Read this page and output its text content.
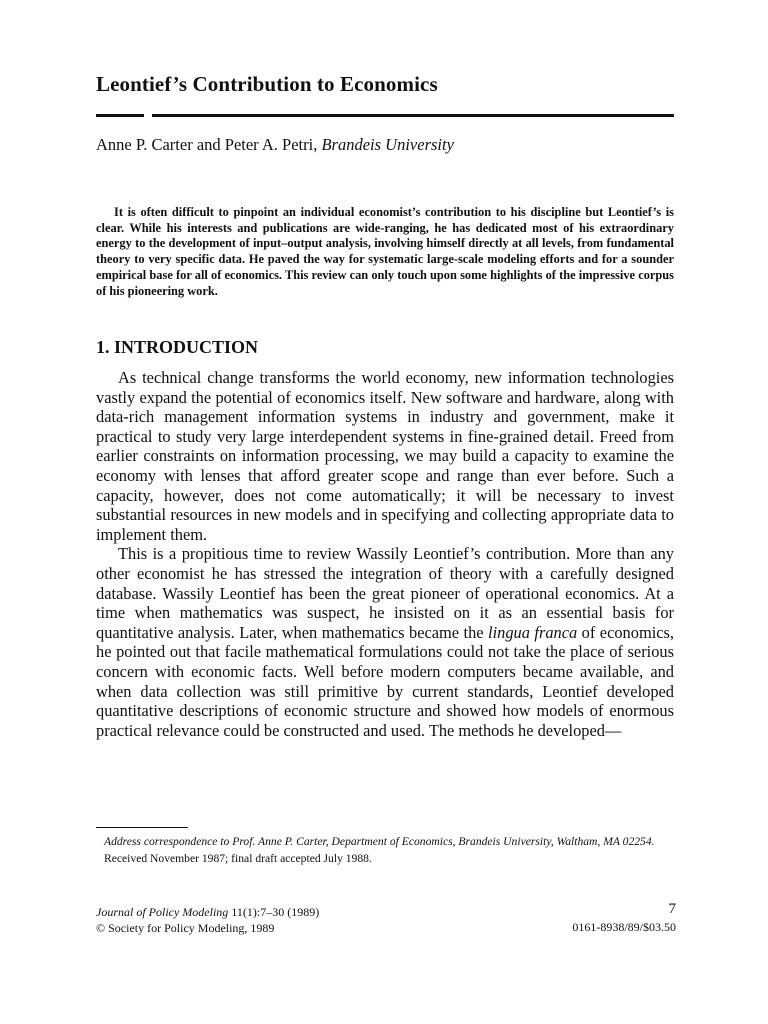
Leontief’s Contribution to Economics
Anne P. Carter and Peter A. Petri, Brandeis University

It is often difficult to pinpoint an individual economist’s contribution to his discipline but Leontief’s is clear. While his interests and publications are wide-ranging, he has dedicated most of his extraordinary energy to the development of input–output analysis, involving himself directly at all levels, from fundamental theory to very specific data. He paved the way for systematic large-scale modeling efforts and for a sounder empirical base for all of economics. This review can only touch upon some highlights of the impressive corpus of his pioneering work.

1. INTRODUCTION

As technical change transforms the world economy, new information technologies vastly expand the potential of economics itself. New software and hardware, along with data-rich management information systems in industry and government, make it practical to study very large interdependent systems in fine-grained detail. Freed from earlier constraints on information processing, we may build a capacity to examine the economy with lenses that afford greater scope and range than ever before. Such a capacity, however, does not come automatically; it will be necessary to invest substantial resources in new models and in specifying and collecting appropriate data to implement them.

This is a propitious time to review Wassily Leontief’s contribution. More than any other economist he has stressed the integration of theory with a carefully designed database. Wassily Leontief has been the great pioneer of operational economics. At a time when mathematics was suspect, he insisted on it as an essential basis for quantitative analysis. Later, when mathematics became the lingua franca of economics, he pointed out that facile mathematical formulations could not take the place of serious concern with economic facts. Well before modern computers became available, and when data collection was still primitive by current standards, Leontief developed quantitative descriptions of economic structure and showed how models of enormous practical relevance could be constructed and used. The methods he developed—

Address correspondence to Prof. Anne P. Carter, Department of Economics, Brandeis University, Waltham, MA 02254.
Received November 1987; final draft accepted July 1988.
Journal of Policy Modeling 11(1):7–30 (1989)
© Society for Policy Modeling, 1989
7
0161-8938/89/$03.50
